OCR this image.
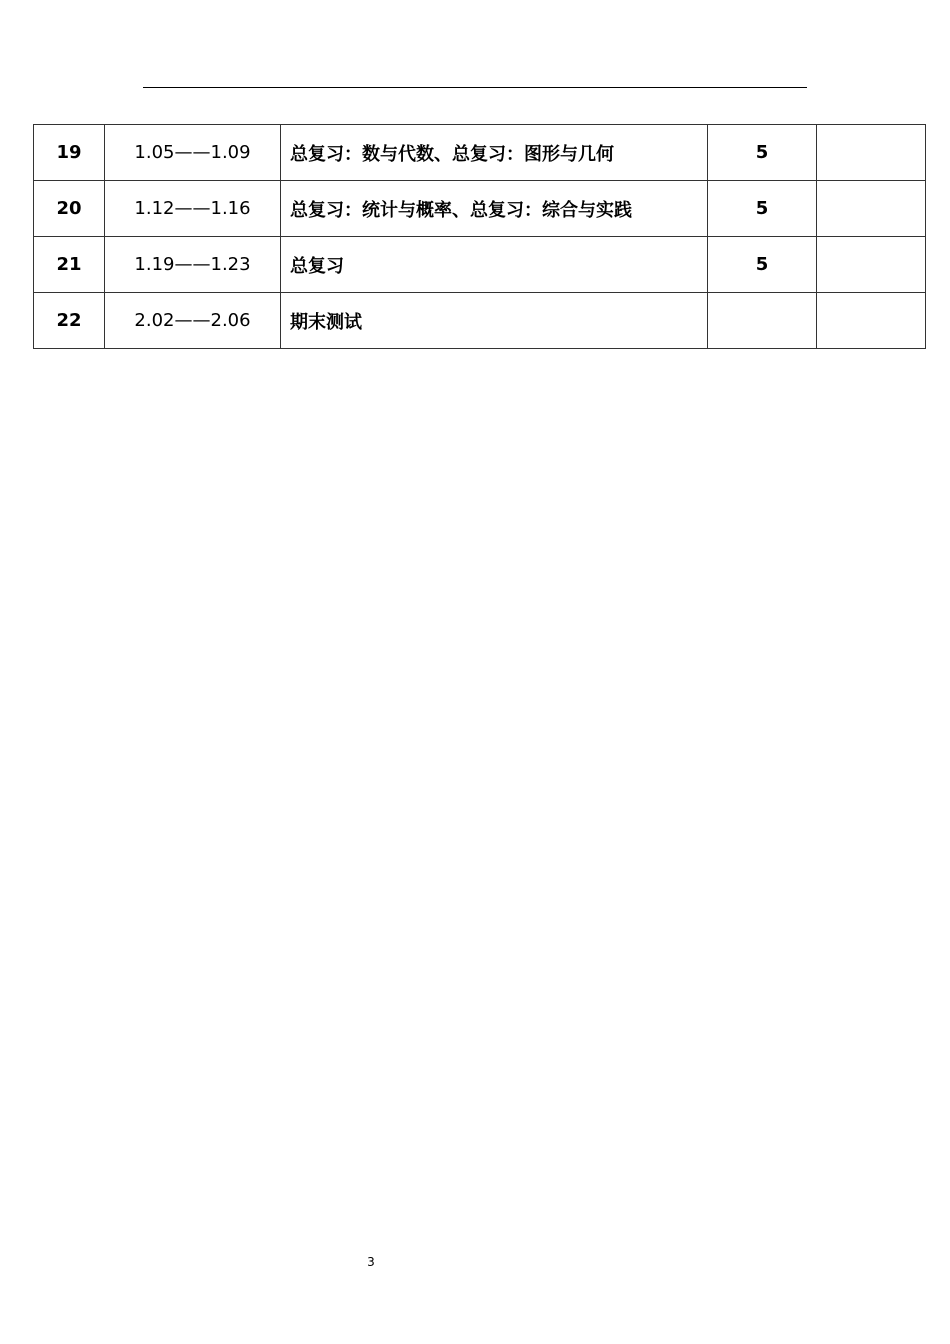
19	1.05——1.09	总复习：数与代数、总复习：图形与几何	5	
20	1.12——1.16	总复习：统计与概率、总复习：综合与实践	5	
21	1.19——1.23	总复习	5	
22	2.02——2.06	期末测试		
3
